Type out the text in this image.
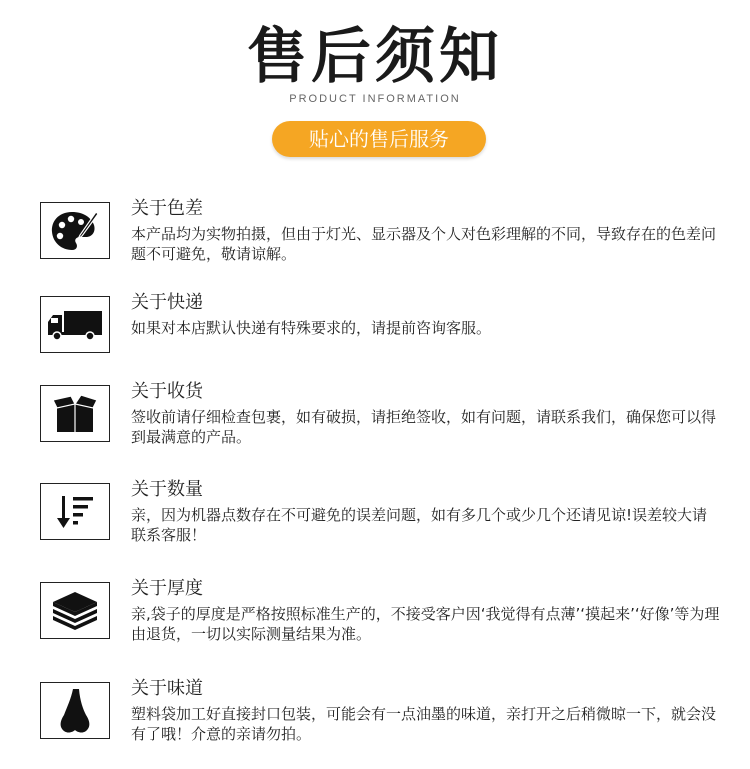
售后须知
PRODUCT INFORMATION
贴心的售后服务
关于色差
本产品均为实物拍摄，但由于灯光、显示器及个人对色彩理解的不同，导致存在的色差问题不可避免，敬请谅解。
关于快递
如果对本店默认快递有特殊要求的，请提前咨询客服。
关于收货
签收前请仔细检查包裹，如有破损，请拒绝签收，如有问题，请联系我们，确保您可以得到最满意的产品。
关于数量
亲，因为机器点数存在不可避免的误差问题，如有多几个或少几个还请见谅!误差较大请联系客服！
关于厚度
亲,袋子的厚度是严格按照标准生产的，不接受客户因‘我觉得有点薄’‘摸起来’‘好像’等为理由退货，一切以实际测量结果为准。
关于味道
塑料袋加工好直接封口包装，可能会有一点油墨的味道，亲打开之后稍微晾一下，就会没有了哦！介意的亲请勿拍。
